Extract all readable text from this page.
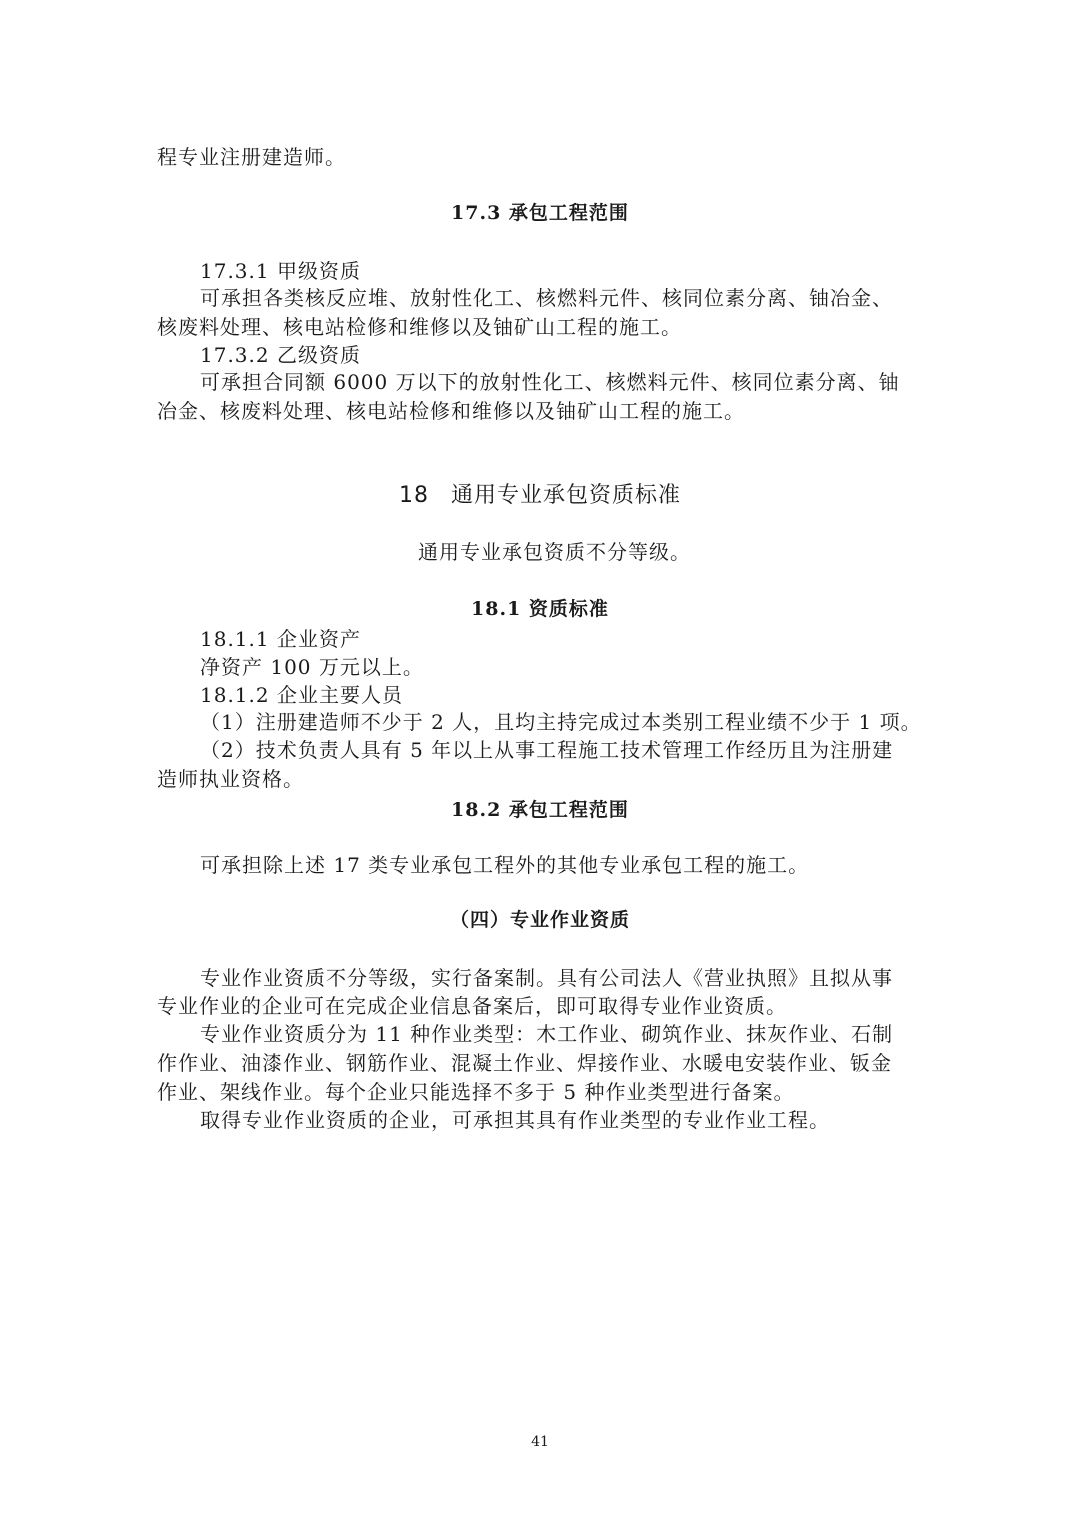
程专业注册建造师。
17.3 承包工程范围
17.3.1 甲级资质
可承担各类核反应堆、放射性化工、核燃料元件、核同位素分离、铀冶金、
核废料处理、核电站检修和维修以及铀矿山工程的施工。
17.3.2 乙级资质
可承担合同额 6000 万以下的放射性化工、核燃料元件、核同位素分离、铀
冶金、核废料处理、核电站检修和维修以及铀矿山工程的施工。
18 通用专业承包资质标准
通用专业承包资质不分等级。
18.1 资质标准
18.1.1 企业资产
净资产 100 万元以上。
18.1.2 企业主要人员
（1）注册建造师不少于 2 人，且均主持完成过本类别工程业绩不少于 1 项。
（2）技术负责人具有 5 年以上从事工程施工技术管理工作经历且为注册建
造师执业资格。
18.2 承包工程范围
可承担除上述 17 类专业承包工程外的其他专业承包工程的施工。
（四）专业作业资质
专业作业资质不分等级，实行备案制。具有公司法人《营业执照》且拟从事
专业作业的企业可在完成企业信息备案后，即可取得专业作业资质。
专业作业资质分为 11 种作业类型：木工作业、砌筑作业、抹灰作业、石制
作作业、油漆作业、钢筋作业、混凝土作业、焊接作业、水暖电安装作业、钣金
作业、架线作业。每个企业只能选择不多于 5 种作业类型进行备案。
取得专业作业资质的企业，可承担其具有作业类型的专业作业工程。
41
